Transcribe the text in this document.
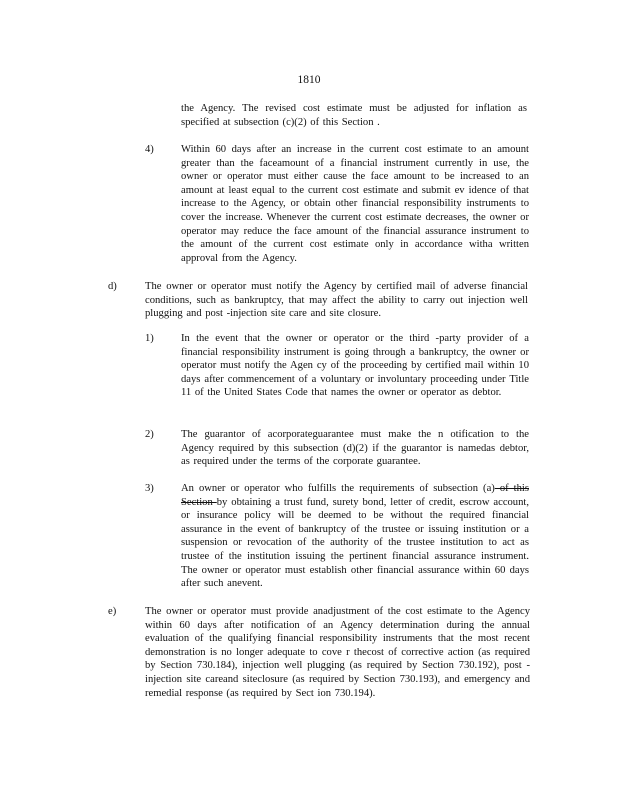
1810
the Agency. The revised cost estimate must be adjusted for inflation as specified at subsection (c)(2) of this Section .
4)	Within 60 days after an increase in the current cost estimate to an amount greater than the faceamount of a financial instrument currently in use, the owner or operator must either cause the face amount to be increased to an amount at least equal to the current cost estimate and submit ev idence of that increase to the Agency, or obtain other financial responsibility instruments to cover the increase. Whenever the current cost estimate decreases, the owner or operator may reduce the face amount of the financial assurance instrument to the amount of the current cost estimate only in accordance witha written approval from the Agency.
d)	The owner or operator must notify the Agency by certified mail of adverse financial conditions, such as bankruptcy, that may affect the ability to carry out injection well plugging and post -injection site care and site closure.
1)	In the event that the owner or operator or the third -party provider of a financial responsibility instrument is going through a bankruptcy, the owner or operator must notify the Agen cy of the proceeding by certified mail within 10 days after commencement of a voluntary or involuntary proceeding under Title 11 of the United States Code that names the owner or operator as debtor.
2)	The guarantor of acorporateguarantee must make the n otification to the Agency required by this subsection (d)(2) if the guarantor is namedas debtor, as required under the terms of the corporate guarantee.
3)	An owner or operator who fulfills the requirements of subsection (a) of this Section by obtaining a trust fund, surety bond, letter of credit, escrow account, or insurance policy will be deemed to be without the required financial assurance in the event of bankruptcy of the trustee or issuing institution or a suspension or revocation of the authority of the trustee institution to act as trustee of the institution issuing the pertinent financial assurance instrument. The owner or operator must establish other financial assurance within 60 days after such anevent.
e)	The owner or operator must provide anadjustment of the cost estimate to the Agency within 60 days after notification of an Agency determination during the annual evaluation of the qualifying financial responsibility instruments that the most recent demonstration is no longer adequate to cove r thecost of corrective action (as required by Section 730.184), injection well plugging (as required by Section 730.192), post -injection site careand siteclosure (as required by Section 730.193), and emergency and remedial response (as required by Sect ion 730.194).
